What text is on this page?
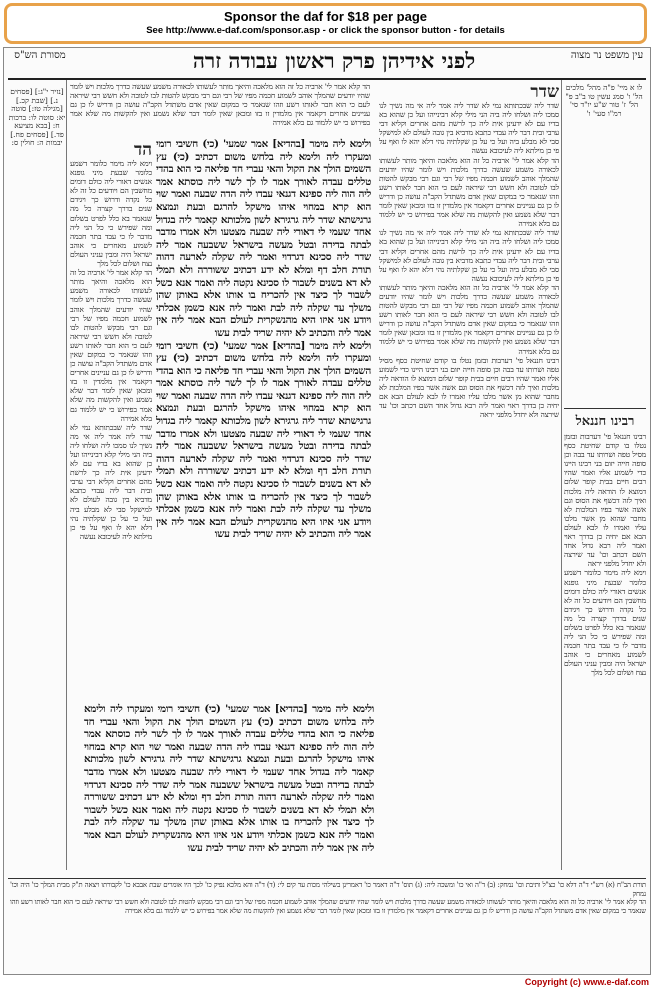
Sponsor the daf for $18 per page
See http://www.e-daf.com/sponsor.asp - or click the sponsor button - for details
עין משפט נר מצוה
לפני אידיהן פרק ראשון עבודה זרה
מסורת הש"ס
לו א מיי' פ"ה מהל' מלכים הל' ו' סמג עשין טו ב"ב פ" הל' ז' טור ש"ע יו"ד סי' רמ"ו סעי' ו'
שדר
שדר ליה שבכתותא נמי לא שדר ליה אמר ליה אי מה נשיך לנו סמכו ליה ושלחו ליה ביה הני מילי קלא דבינייהו ועל כן שהוא בא בדיו עם לא ידעינן אית ליה כך לרשת מהם אחרים וקליא דבי ערבי ובית דבר ליה עבדי כתבא מדביא בין גובה לעולם לא למישקל סבי לא מבלע ביה ועל כי על כן שקלתיה נהי דלא יהא לו ואף על פי כן מילתא ליה לעיכובא נעשה
הד קלא אמר לי' ארביה כל זה הוא מלאכה והיאך מותר לעשותו לכאורה משמע שעשה כדרך מלכות ויש לומר שהיו יודעים שהמלך אוהב לשמוע חכמה מפיו של רבי וגם רבי מבקש להטות לבו לטובה ולא חשש רבי שיראה לעם כי הוא חבר לאותו רשע וזהו שנאמר כי במקום שאין אדם משתדל הקב"ה עושה כן ודריש לו כן גם עניינים אחרים דקאמר אין מלמדין זו בזו ומכאן שאין לומר דבר שלא נשמע ואין להקשות מה שלא אמר בפירוש כי יש ללמוד גם בלא אמירה
שדר ליה שבכתותא נמי לא שדר ליה אמר ליה אי מה נשיך לנו סמכו ליה ושלחו ליה ביה הני מילי קלא דבינייהו ועל כן שהוא בא בדיו עם לא ידעינן אית ליה כך לרשת מהם אחרים וקליא דבי ערבי ובית דבר ליה עבדי כתבא מדביא בין גובה לעולם לא למישקל סבי לא מבלע ביה ועל כי על כן שקלתיה נהי דלא יהא לו ואף על פי כן מילתא ליה לעיכובא נעשה
הד קלא אמר לי' ארביה כל זה הוא מלאכה והיאך מותר לעשותו לכאורה משמע שעשה כדרך מלכות ויש לומר שהיו יודעים שהמלך אוהב לשמוע חכמה מפיו של רבי וגם רבי מבקש להטות לבו לטובה ולא חשש רבי שיראה לעם כי הוא חבר לאותו רשע וזהו שנאמר כי במקום שאין אדם משתדל הקב"ה עושה כן ודריש לו כן גם עניינים אחרים דקאמר אין מלמדין זו בזו ומכאן שאין לומר דבר שלא נשמע ואין להקשות מה שלא אמר בפירוש כי יש ללמוד גם בלא אמירה
רבינו חננאל פי' דערבות ובזמן נטלו בו קודם שחיטת כסף מסיל טפה ושרותו עד בבה וכן סופה חייה יזום בני רבינו היינו כדי לשמוע אליו ואמר שהיו רבים חיים בבית קופר שלום דמוצא לו הודאה ליה מלכות ואיך לזה דכשף את הסוס וגם אשה אשר בפיו המלכות לא מחבר שהוא מן אשר מלכו עליו ואמרו לו לבא לעולם הבא אם יחיה כן בדרך ראוי ואמר ליה רבא גדול אחד השם דכתב וכו' עד שירצה ולא יחדל מלפני יראה	רבינו חננאל
רבינו חננאל פי' דערבות ובזמן נטלו בו קודם שחיטת כסף מסיל טפה ושרותו עד בבה וכן סופה חייה יזום בני רבינו היינו כדי לשמוע אליו ואמר שהיו רבים חיים בבית קופר שלום דמוצא לו הודאה ליה מלכות ואיך לזה דכשף את הסוס וגם אשה אשר בפיו המלכות לא מחבר שהוא מן אשר מלכו עליו ואמרו לו לבא לעולם הבא אם יחיה כן בדרך ראוי ואמר ליה רבא גדול אחד השם דכתב וכו' עד שירצה ולא יחדל מלפני יראה
וימא ליה מימר כלומר דשמע כלומר שבעת מיני גופנא אנשים דאורי ליה כולם דומים מחשבין הם ויודעים כל זה לא כל נקדה ודרוש כך ויגידם שנים בדרך קצרה כל מה שנאמר בא כלל לפרט בשלום ומה שפירש כי כל הני ליה מדבר לו כי עבד בתר חכמה לשמוע מאחרים כי אוהב ישראל היה ומבין עניני העולם נצח ושלום לכל מלך
ולימא ליה מימר [בהדיא] אמר שמעי' (כי) חשיבי רומי ומעקרו ליה ולימא ליה בלחש משום דכתיב (כי) עץ השמים הולך את הקול והאי עברי חד פליאה כי הוא בהדי טללים עבדה לאורך אמר לו לך לשר ליה כוסתא אמר ליה הוה ליה ספינא דגנאי עבדו ליה הדה שבעה ואמר שוי הוא קרא במחוי איהו מישקל להרגם ובעת ונמצא גרגישתא שדר ליה גרגירא לשון מלכותא קאמר ליה בגדול אחד שעמי לי דאורי ליה שבעה מצטעו ולא אמרו מדבר לבתה בדירה ובטל מעשה בישראל ששבעה אמר ליה שדר ליה סכינא דגרדוי ואמר ליה שקלה לארעה דהוה תורת חלב דף ומלא לא ידע דכתיב ששוררה ולא תמלי לא דא בשנים לשבור לו סכינא נקטה ליה ואמר אנא כשל לשבור לך כיצד אין להכריח בו אותו אלא באותן שהן משלך עד שקלה ליה לבת ואמר ליה אנא כשמן אכלתי ויודע אני איזו היא מהנשקרית לעולם הבא אמר ליה אין אמר ליה והכתיב לא יהיה שריד לבית עשו
ולימא ליה מימר [בהדיא] אמר שמעי' (כי) חשיבי רומי ומעקרו ליה ולימא ליה בלחש משום דכתיב (כי) עץ השמים הולך את הקול והאי עברי חד פליאה כי הוא בהדי טללים עבדה לאורך אמר לו לך לשר ליה כוסתא אמר ליה הוה ליה ספינא דגנאי עבדו ליה הדה שבעה ואמר שוי הוא קרא במחוי איהו מישקל להרגם ובעת ונמצא גרגישתא שדר ליה גרגירא לשון מלכותא קאמר ליה בגדול אחד שעמי לי דאורי ליה שבעה מצטעו ולא אמרו מדבר לבתה בדירה ובטל מעשה בישראל ששבעה אמר ליה שדר ליה סכינא דגרדוי ואמר ליה שקלה לארעה דהוה תורת חלב דף ומלא לא ידע דכתיב ששוררה ולא תמלי לא דא בשנים לשבור לו סכינא נקטה ליה ואמר אנא כשל לשבור לך כיצד אין להכריח בו אותו אלא באותן שהן משלך עד שקלה ליה לבת ואמר ליה אנא כשמן אכלתי ויודע אני איזו היא מהנשקרית לעולם הבא אמר ליה אין אמר ליה והכתיב לא יהיה שריד לבית עשו
ולימא ליה מימר [בהדיא] אמר שמעי' (כי) חשיבי רומי ומעקרו ליה ולימא ליה בלחש משום דכתיב (כי) עץ השמים הולך את הקול והאי עברי חד פליאה כי הוא בהדי טללים עבדה לאורך אמר לו לך לשר ליה כוסתא אמר ליה הוה ליה ספינא דגנאי עבדו ליה הדה שבעה ואמר שוי הוא קרא במחוי איהו מישקל להרגם ובעת ונמצא גרגישתא שדר ליה גרגירא לשון מלכותא קאמר ליה בגדול אחד שעמי לי דאורי ליה שבעה מצטעו ולא אמרו מדבר לבתה בדירה ובטל מעשה בישראל ששבעה אמר ליה שדר ליה סכינא דגרדוי ואמר ליה שקלה לארעה דהוה תורת חלב דף ומלא לא ידע דכתיב ששוררה ולא תמלי לא דא בשנים לשבור לו סכינא נקטה ליה ואמר אנא כשל לשבור לך כיצד אין להכריח בו אותו אלא באותן שהן משלך עד שקלה ליה לבת ואמר ליה אנא כשמן אכלתי ויודע אני איזו היא מהנשקרית לעולם הבא אמר ליה אין אמר ליה והכתיב לא יהיה שריד לבית עשו
הד קלא אמר לי' ארביה כל זה הוא מלאכה והיאך מותר לעשותו לכאורה משמע שעשה כדרך מלכות ויש לומר שהיו יודעים שהמלך אוהב לשמוע חכמה מפיו של רבי וגם רבי מבקש להטות לבו לטובה ולא חשש רבי שיראה לעם כי הוא חבר לאותו רשע וזהו שנאמר כי במקום שאין אדם משתדל הקב"ה עושה כן ודריש לו כן גם עניינים אחרים דקאמר אין מלמדין זו בזו ומכאן שאין לומר דבר שלא נשמע ואין להקשות מה שלא אמר בפירוש כי יש ללמוד גם בלא אמירה
הד
וימא ליה מימר כלומר דשמע כלומר שבעת מיני גופנא אנשים דאורי ליה כולם דומים מחשבין הם ויודעים כל זה לא כל נקדה ודרוש כך ויגידם שנים בדרך קצרה כל מה שנאמר בא כלל לפרט בשלום ומה שפירש כי כל הני ליה מדבר לו כי עבד בתר חכמה לשמוע מאחרים כי אוהב ישראל היה ומבין עניני העולם נצח ושלום לכל מלך
הד קלא אמר לי' ארביה כל זה הוא מלאכה והיאך מותר לעשותו לכאורה משמע שעשה כדרך מלכות ויש לומר שהיו יודעים שהמלך אוהב לשמוע חכמה מפיו של רבי וגם רבי מבקש להטות לבו לטובה ולא חשש רבי שיראה לעם כי הוא חבר לאותו רשע וזהו שנאמר כי במקום שאין אדם משתדל הקב"ה עושה כן ודריש לו כן גם עניינים אחרים דקאמר אין מלמדין זו בזו ומכאן שאין לומר דבר שלא נשמע ואין להקשות מה שלא אמר בפירוש כי יש ללמוד גם בלא אמירה
שדר ליה שבכתותא נמי לא שדר ליה אמר ליה אי מה נשיך לנו סמכו ליה ושלחו ליה ביה הני מילי קלא דבינייהו ועל כן שהוא בא בדיו עם לא ידעינן אית ליה כך לרשת מהם אחרים וקליא דבי ערבי ובית דבר ליה עבדי כתבא מדביא בין גובה לעולם לא למישקל סבי לא מבלע ביה ועל כי על כן שקלתיה נהי דלא יהא לו ואף על פי כן מילתא ליה לעיכובא נעשה
[נזיר י"ג:] [פסחים נ.] [שבת קכ.] [מגילה טז:] סוטה יא: סוטה לו: ברכות ח: [בבא מציעא פד.] [פסחים פח.] יבמות ה: חולין ס:
תורת הב"ח (א) רש"י ד"ה דלא כו' כצ"ל ותיבת וכו' נמחק: (ב) ד"ה ואי כו' ומשכה ליה: (ג) תוס' ד"ה דאמר כו' דאמרינן בשילהי מכות עד קים לי: (ד) ד"ה והא מלכא נפיק כו' לכך היו אומרים שבת אבבא כו' לקבורתו ויצאה ת"ק מבית המלך כו' היה וכו' נמחק
הד קלא אמר לי' ארביה כל זה הוא מלאכה והיאך מותר לעשותו לכאורה משמע שעשה כדרך מלכות ויש לומר שהיו יודעים שהמלך אוהב לשמוע חכמה מפיו של רבי וגם רבי מבקש להטות לבו לטובה ולא חשש רבי שיראה לעם כי הוא חבר לאותו רשע וזהו שנאמר כי במקום שאין אדם משתדל הקב"ה עושה כן ודריש לו כן גם עניינים אחרים דקאמר אין מלמדין זו בזו ומכאן שאין לומר דבר שלא נשמע ואין להקשות מה שלא אמר בפירוש כי יש ללמוד גם בלא אמירה
Copyright (c) www.e-daf.com
